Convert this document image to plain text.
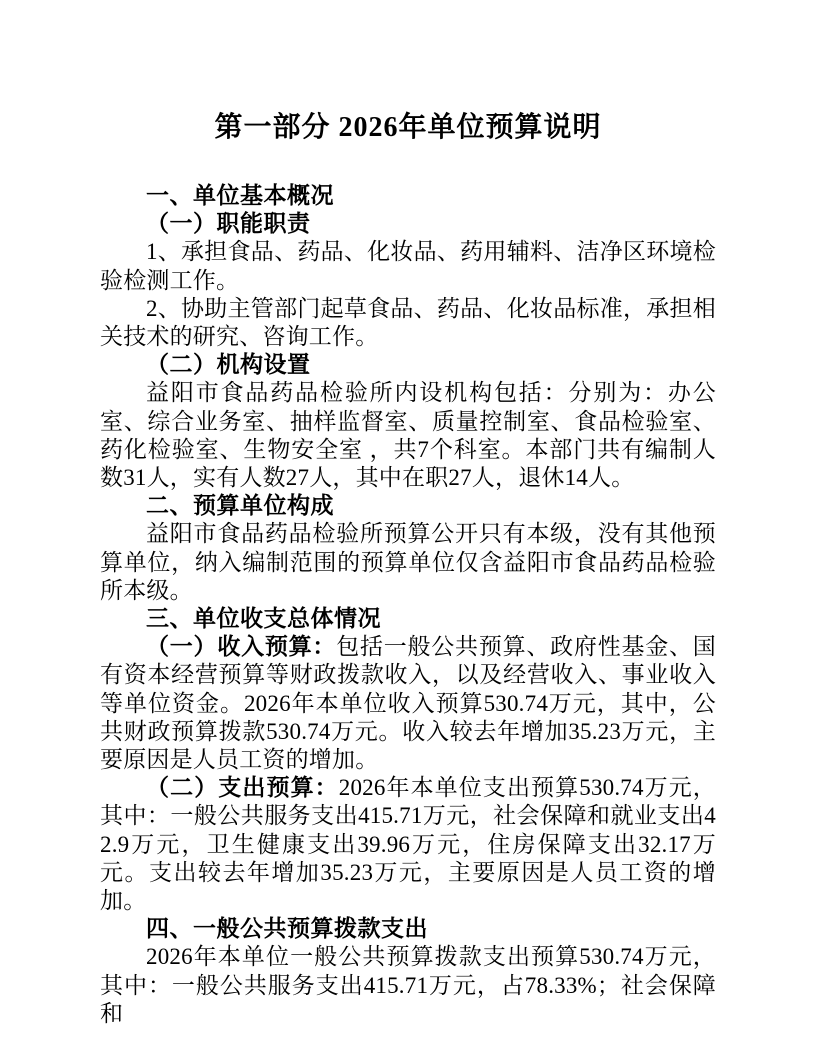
第一部分 2026年单位预算说明

一、单位基本概况

（一）职能职责

1、承担食品、药品、化妆品、药用辅料、洁净区环境检验检测工作。

2、协助主管部门起草食品、药品、化妆品标准，承担相关技术的研究、咨询工作。

（二）机构设置

益阳市食品药品检验所内设机构包括：分别为：办公室、综合业务室、抽样监督室、质量控制室、食品检验室、药化检验室、生物安全室 ，共7个科室。本部门共有编制人数31人，实有人数27人，其中在职27人，退休14人。

二、预算单位构成

益阳市食品药品检验所预算公开只有本级，没有其他预算单位，纳入编制范围的预算单位仅含益阳市食品药品检验所本级。

三、单位收支总体情况

（一）收入预算：包括一般公共预算、政府性基金、国有资本经营预算等财政拨款收入，以及经营收入、事业收入等单位资金。2026年本单位收入预算530.74万元，其中，公共财政预算拨款530.74万元。收入较去年增加35.23万元，主要原因是人员工资的增加。

（二）支出预算：2026年本单位支出预算530.74万元，其中：一般公共服务支出415.71万元，社会保障和就业支出42.9万元，卫生健康支出39.96万元，住房保障支出32.17万元。支出较去年增加35.23万元，主要原因是人员工资的增加。

四、一般公共预算拨款支出

2026年本单位一般公共预算拨款支出预算530.74万元，其中：一般公共服务支出415.71万元，占78.33%；社会保障和
